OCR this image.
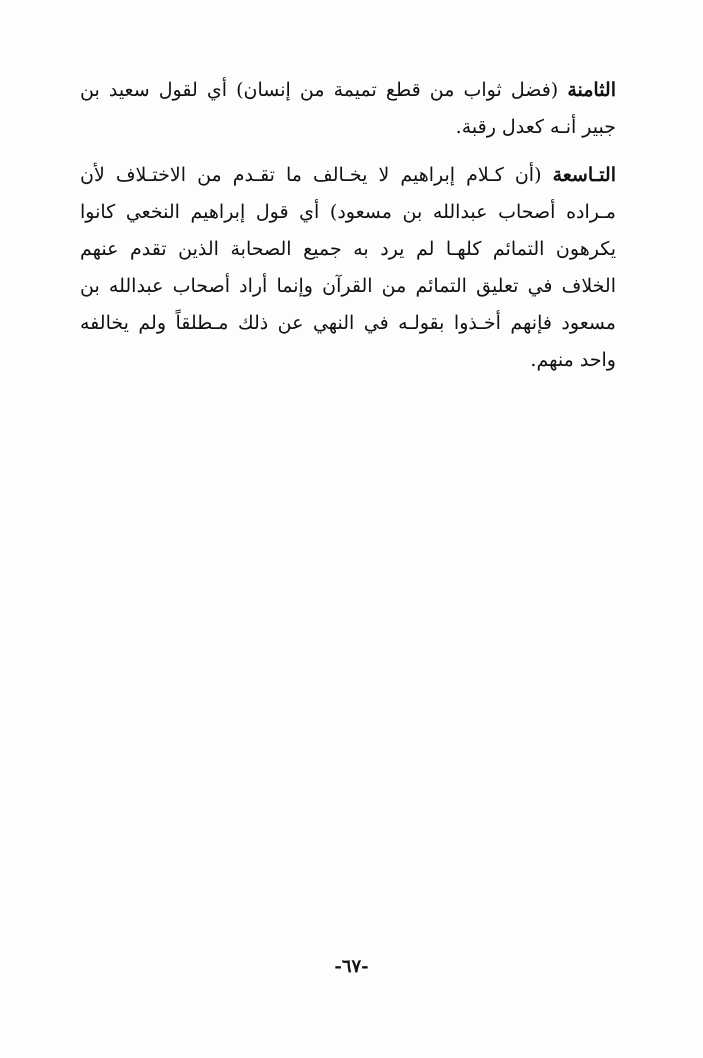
الثامنة (فضل ثواب من قطع تميمة من إنسان) أي لقول سعيد بن جبير أنـه كعدل رقبة.

التـاسعة (أن كـلام إبراهيم لا يخـالف ما تقـدم من الاختـلاف لأن مـراده أصحاب عبدالله بن مسعود) أي قول إبراهيم النخعي كانوا يكرهون التمائم كلهـا لم يرد به جميع الصحابة الذين تقدم عنهم الخلاف في تعليق التمائم من القرآن وإنما أراد أصحاب عبدالله بن مسعود فإنهم أخـذوا بقولـه في النهي عن ذلك مـطلقاً ولم يخالفه واحد منهم.

-٦٧-
